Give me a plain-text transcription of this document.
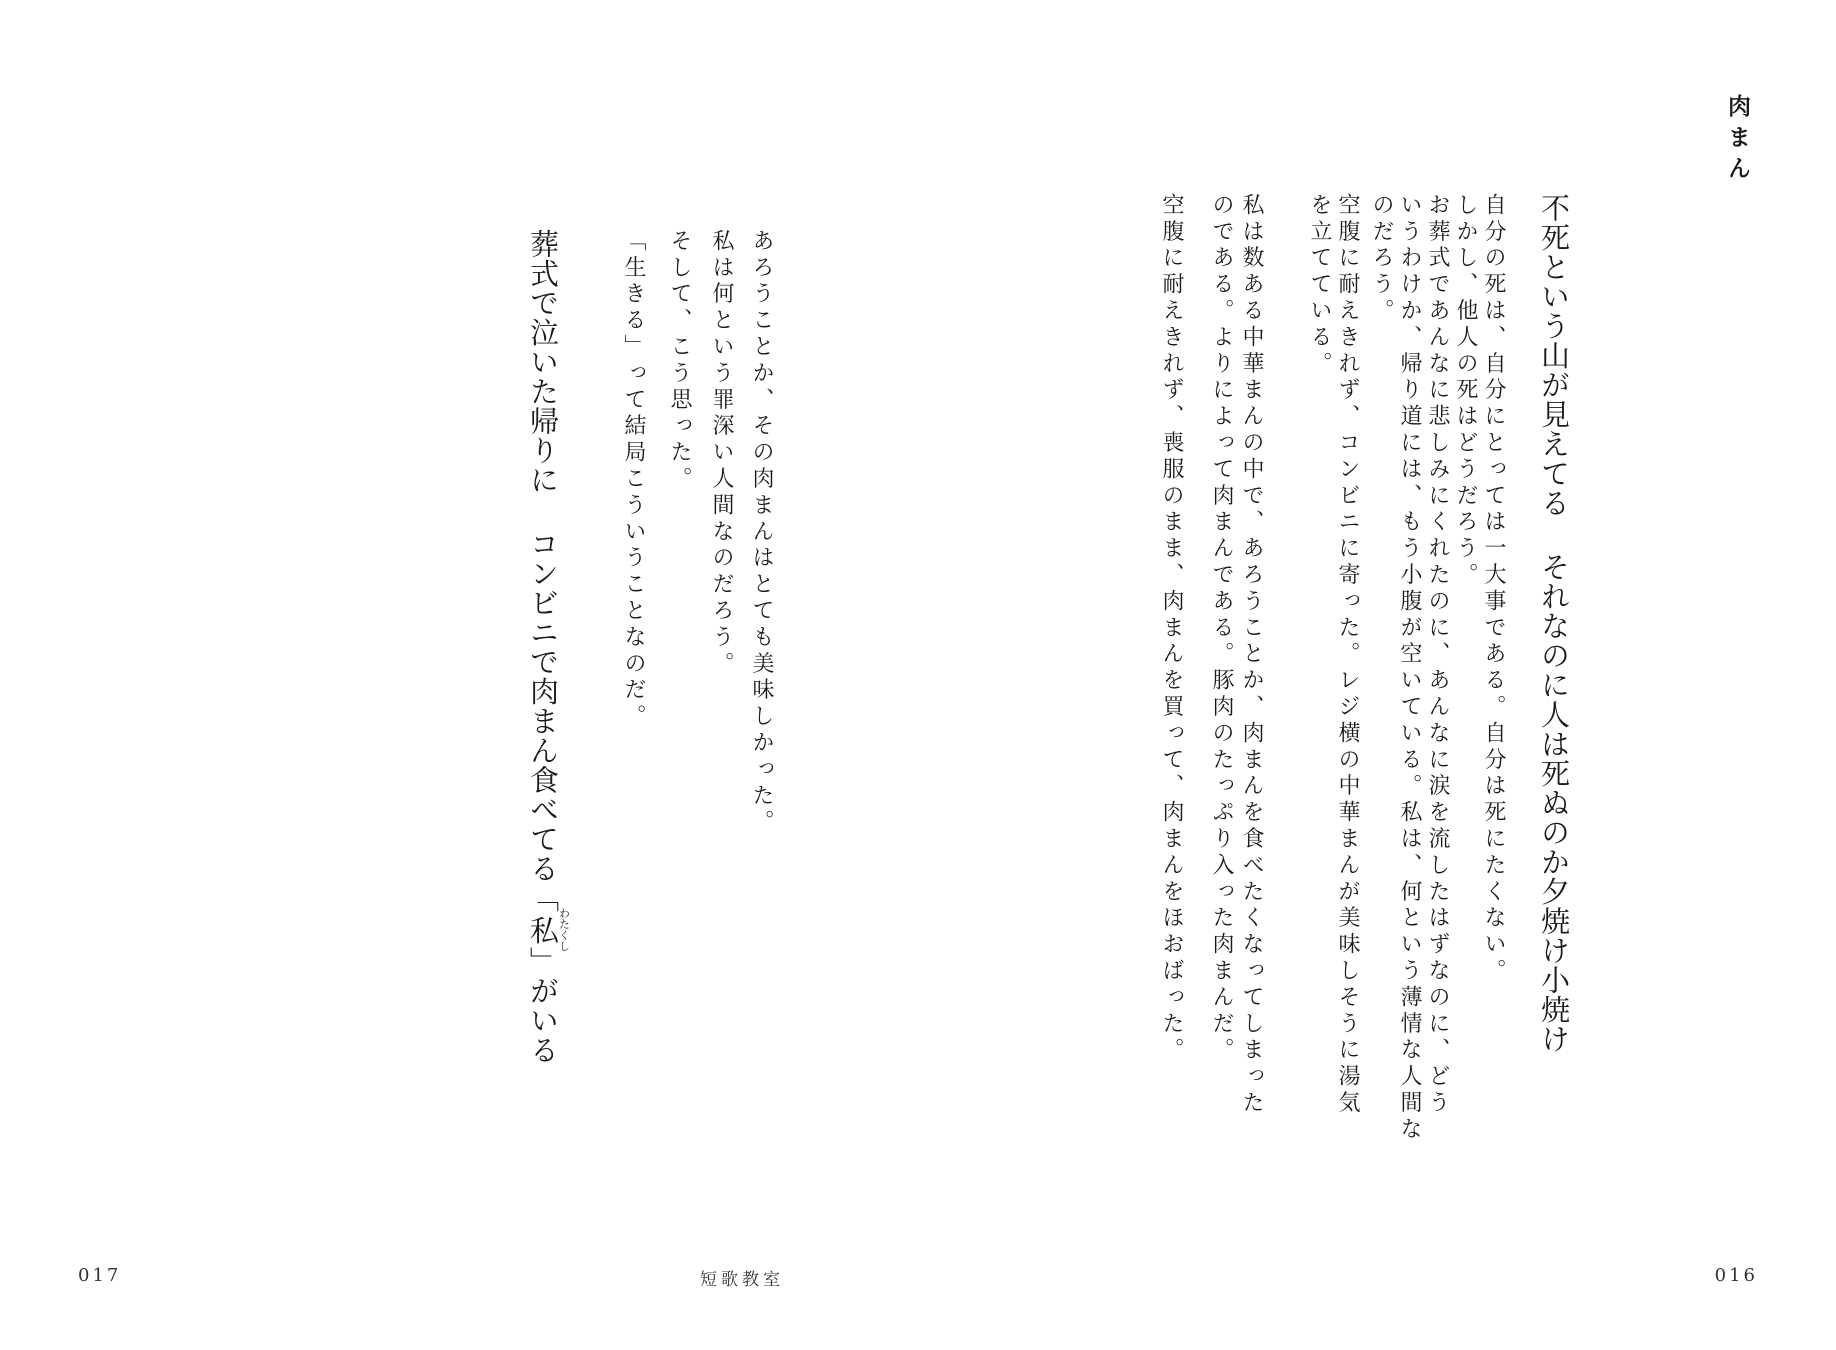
肉まん
不死という山が見えてる それなのに人は死ぬのか夕焼け小焼け
自分の死は、自分にとっては一大事である。自分は死にたくない。
しかし、他人の死はどうだろう。
お葬式であんなに悲しみにくれたのに、あんなに涙を流したはずなのに、どう
いうわけか、帰り道には、もう小腹が空いている。私は、何という薄情な人間な
のだろう。
空腹に耐えきれず、コンビニに寄った。レジ横の中華まんが美味しそうに湯気
を立てている。
私は数ある中華まんの中で、あろうことか、肉まんを食べたくなってしまった
のである。よりによって肉まんである。豚肉のたっぷり入った肉まんだ。
空腹に耐えきれず、喪服のまま、肉まんを買って、肉まんをほおばった。
あろうことか、その肉まんはとても美味しかった。
私は何という罪深い人間なのだろう。
そして、こう思った。
「生きる」って結局こういうことなのだ。
葬式で泣いた帰りに コンビニで肉まん食べてる「私わたくし」がいる
017	短歌教室	016
